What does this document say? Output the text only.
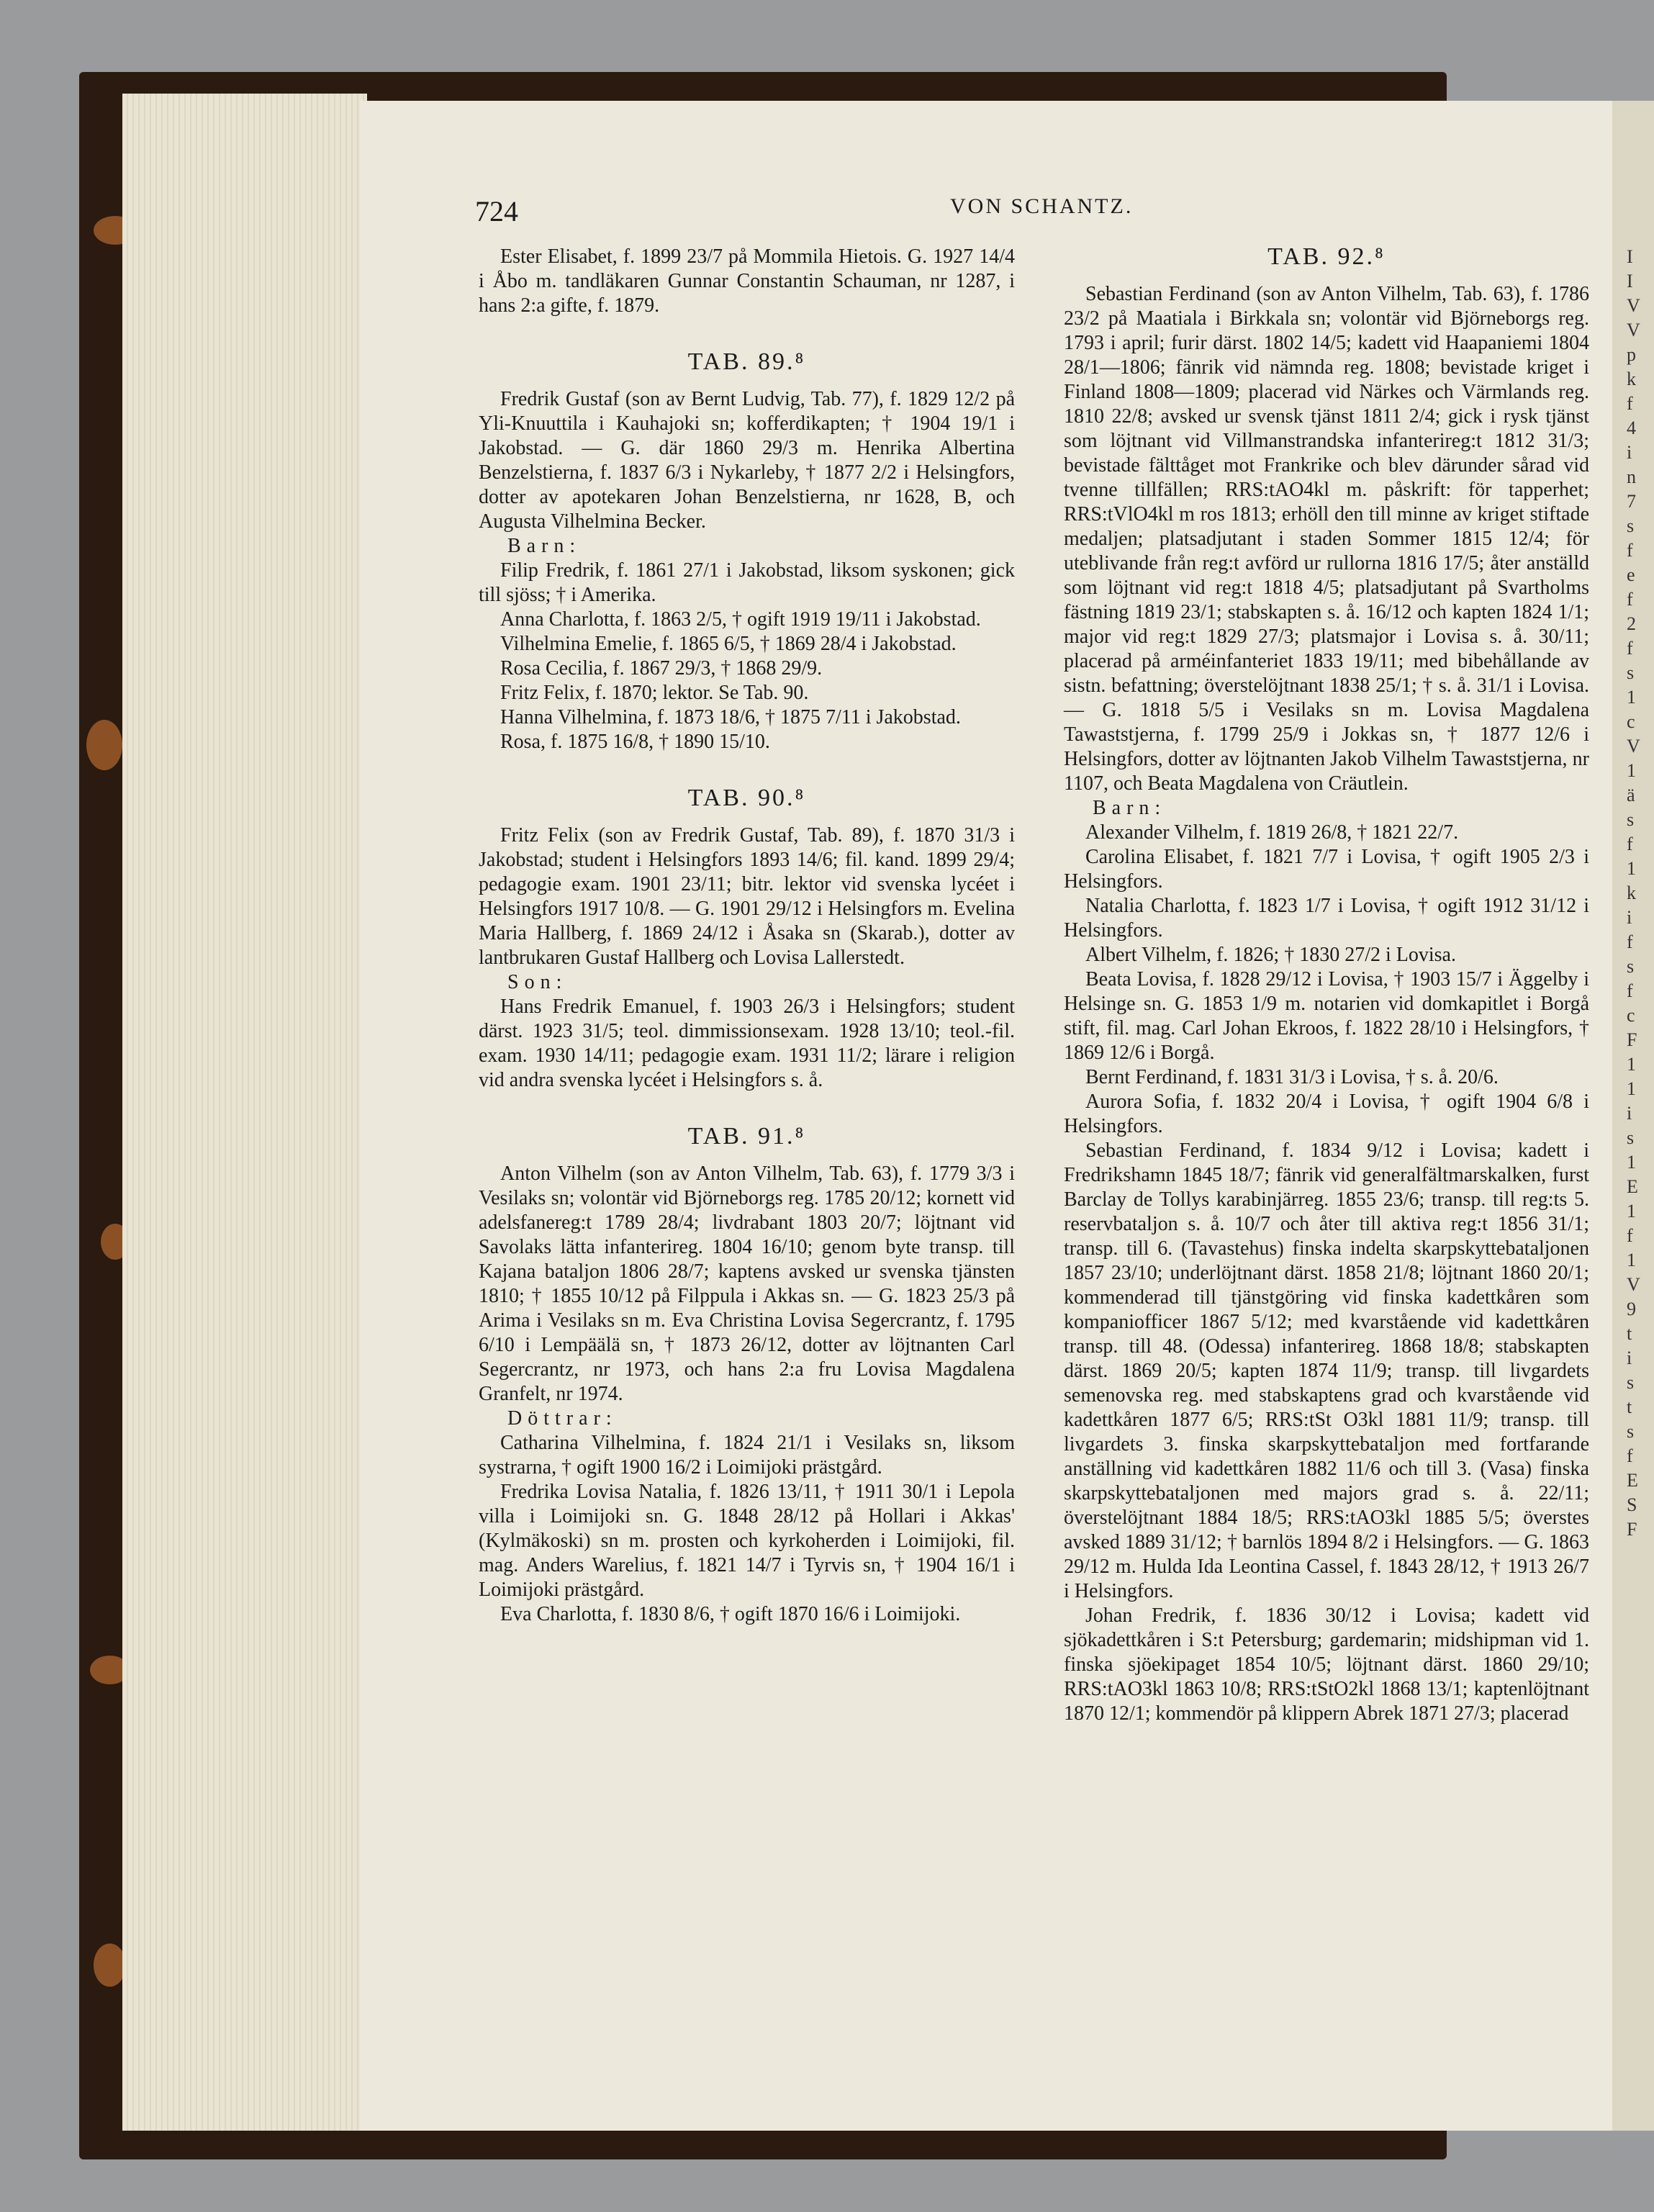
724	VON SCHANTZ.

Ester Elisabet, f. 1899 23/7 på Mommila Hietois. G. 1927 14/4 i Åbo m. tandläkaren Gunnar Constantin Schauman, nr 1287, i hans 2:a gifte, f. 1879.

TAB. 89.⁸

Fredrik Gustaf (son av Bernt Ludvig, Tab. 77), f. 1829 12/2 på Yli-Knuuttila i Kauhajoki sn; kofferdikapten; † 1904 19/1 i Jakobstad. — G. där 1860 29/3 m. Henrika Albertina Benzelstierna, f. 1837 6/3 i Nykarleby, † 1877 2/2 i Helsingfors, dotter av apotekaren Johan Benzelstierna, nr 1628, B, och Augusta Vilhelmina Becker.

Barn:

Filip Fredrik, f. 1861 27/1 i Jakobstad, liksom syskonen; gick till sjöss; † i Amerika.

Anna Charlotta, f. 1863 2/5, † ogift 1919 19/11 i Jakobstad.

Vilhelmina Emelie, f. 1865 6/5, † 1869 28/4 i Jakobstad.

Rosa Cecilia, f. 1867 29/3, † 1868 29/9.

Fritz Felix, f. 1870; lektor. Se Tab. 90.

Hanna Vilhelmina, f. 1873 18/6, † 1875 7/11 i Jakobstad.

Rosa, f. 1875 16/8, † 1890 15/10.

TAB. 90.⁸

Fritz Felix (son av Fredrik Gustaf, Tab. 89), f. 1870 31/3 i Jakobstad; student i Helsingfors 1893 14/6; fil. kand. 1899 29/4; pedagogie exam. 1901 23/11; bitr. lektor vid svenska lycéet i Helsingfors 1917 10/8. — G. 1901 29/12 i Helsingfors m. Evelina Maria Hallberg, f. 1869 24/12 i Åsaka sn (Skarab.), dotter av lantbrukaren Gustaf Hallberg och Lovisa Lallerstedt.

Son:

Hans Fredrik Emanuel, f. 1903 26/3 i Helsingfors; student därst. 1923 31/5; teol. dimmissionsexam. 1928 13/10; teol.-fil. exam. 1930 14/11; pedagogie exam. 1931 11/2; lärare i religion vid andra svenska lycéet i Helsingfors s. å.

TAB. 91.⁸

Anton Vilhelm (son av Anton Vilhelm, Tab. 63), f. 1779 3/3 i Vesilaks sn; volontär vid Björneborgs reg. 1785 20/12; kornett vid adelsfanereg:t 1789 28/4; livdrabant 1803 20/7; löjtnant vid Savolaks lätta infanterireg. 1804 16/10; genom byte transp. till Kajana bataljon 1806 28/7; kaptens avsked ur svenska tjänsten 1810; † 1855 10/12 på Filppula i Akkas sn. — G. 1823 25/3 på Arima i Vesilaks sn m. Eva Christina Lovisa Segercrantz, f. 1795 6/10 i Lempäälä sn, † 1873 26/12, dotter av löjtnanten Carl Segercrantz, nr 1973, och hans 2:a fru Lovisa Magdalena Granfelt, nr 1974.

Döttrar:

Catharina Vilhelmina, f. 1824 21/1 i Vesilaks sn, liksom systrarna, † ogift 1900 16/2 i Loimijoki prästgård.

Fredrika Lovisa Natalia, f. 1826 13/11, † 1911 30/1 i Lepola villa i Loimijoki sn. G. 1848 28/12 på Hollari i Akkas' (Kylmäkoski) sn m. prosten och kyrkoherden i Loimijoki, fil. mag. Anders Warelius, f. 1821 14/7 i Tyrvis sn, † 1904 16/1 i Loimijoki prästgård.

Eva Charlotta, f. 1830 8/6, † ogift 1870 16/6 i Loimijoki.

TAB. 92.⁸

Sebastian Ferdinand (son av Anton Vilhelm, Tab. 63), f. 1786 23/2 på Maatiala i Birkkala sn; volontär vid Björneborgs reg. 1793 i april; furir därst. 1802 14/5; kadett vid Haapaniemi 1804 28/1—1806; fänrik vid nämnda reg. 1808; bevistade kriget i Finland 1808—1809; placerad vid Närkes och Värmlands reg. 1810 22/8; avsked ur svensk tjänst 1811 2/4; gick i rysk tjänst som löjtnant vid Villmanstrandska infanterireg:t 1812 31/3; bevistade fälttåget mot Frankrike och blev därunder sårad vid tvenne tillfällen; RRS:tAO4kl m. påskrift: för tapperhet; RRS:tVlO4kl m ros 1813; erhöll den till minne av kriget stiftade medaljen; platsadjutant i staden Sommer 1815 12/4; för uteblivande från reg:t avförd ur rullorna 1816 17/5; åter anställd som löjtnant vid reg:t 1818 4/5; platsadjutant på Svartholms fästning 1819 23/1; stabskapten s. å. 16/12 och kapten 1824 1/1; major vid reg:t 1829 27/3; platsmajor i Lovisa s. å. 30/11; placerad på arméinfanteriet 1833 19/11; med bibehållande av sistn. befattning; överstelöjtnant 1838 25/1; † s. å. 31/1 i Lovisa. — G. 1818 5/5 i Vesilaks sn m. Lovisa Magdalena Tawaststjerna, f. 1799 25/9 i Jokkas sn, † 1877 12/6 i Helsingfors, dotter av löjtnanten Jakob Vilhelm Tawaststjerna, nr 1107, och Beata Magdalena von Cräutlein.

Barn:

Alexander Vilhelm, f. 1819 26/8, † 1821 22/7.

Carolina Elisabet, f. 1821 7/7 i Lovisa, † ogift 1905 2/3 i Helsingfors.

Natalia Charlotta, f. 1823 1/7 i Lovisa, † ogift 1912 31/12 i Helsingfors.

Albert Vilhelm, f. 1826; † 1830 27/2 i Lovisa.

Beata Lovisa, f. 1828 29/12 i Lovisa, † 1903 15/7 i Äggelby i Helsinge sn. G. 1853 1/9 m. notarien vid domkapitlet i Borgå stift, fil. mag. Carl Johan Ekroos, f. 1822 28/10 i Helsingfors, † 1869 12/6 i Borgå.

Bernt Ferdinand, f. 1831 31/3 i Lovisa, † s. å. 20/6.

Aurora Sofia, f. 1832 20/4 i Lovisa, † ogift 1904 6/8 i Helsingfors.

Sebastian Ferdinand, f. 1834 9/12 i Lovisa; kadett i Fredrikshamn 1845 18/7; fänrik vid generalfältmarskalken, furst Barclay de Tollys karabinjärreg. 1855 23/6; transp. till reg:ts 5. reservbataljon s. å. 10/7 och åter till aktiva reg:t 1856 31/1; transp. till 6. (Tavastehus) finska indelta skarpskyttebataljonen 1857 23/10; underlöjtnant därst. 1858 21/8; löjtnant 1860 20/1; kommenderad till tjänstgöring vid finska kadettkåren som kompaniofficer 1867 5/12; med kvarstående vid kadettkåren transp. till 48. (Odessa) infanterireg. 1868 18/8; stabskapten därst. 1869 20/5; kapten 1874 11/9; transp. till livgardets semenovska reg. med stabskaptens grad och kvarstående vid kadettkåren 1877 6/5; RRS:tSt O3kl 1881 11/9; transp. till livgardets 3. finska skarpskyttebataljon med fortfarande anställning vid kadettkåren 1882 11/6 och till 3. (Vasa) finska skarpskyttebataljonen med majors grad s. å. 22/11; överstelöjtnant 1884 18/5; RRS:tAO3kl 1885 5/5; överstes avsked 1889 31/12; † barnlös 1894 8/2 i Helsingfors. — G. 1863 29/12 m. Hulda Ida Leontina Cassel, f. 1843 28/12, † 1913 26/7 i Helsingfors.

Johan Fredrik, f. 1836 30/12 i Lovisa; kadett vid sjökadettkåren i S:t Petersburg; gardemarin; midshipman vid 1. finska sjöekipaget 1854 10/5; löjtnant därst. 1860 29/10; RRS:tAO3kl 1863 10/8; RRS:tStO2kl 1868 13/1; kaptenlöjtnant 1870 12/1; kommendör på klippern Abrek 1871 27/3; placerad

I
I
V
V
p
k
f
4
i
n
7
s
f
e
f
2
f
s
1
c
V
1
ä
s
f
1
k
i
f
s
f
c
F
1
1
i
s
1
E
1
f
1
V
9
t
i
s
t
s
f
E
S
F
